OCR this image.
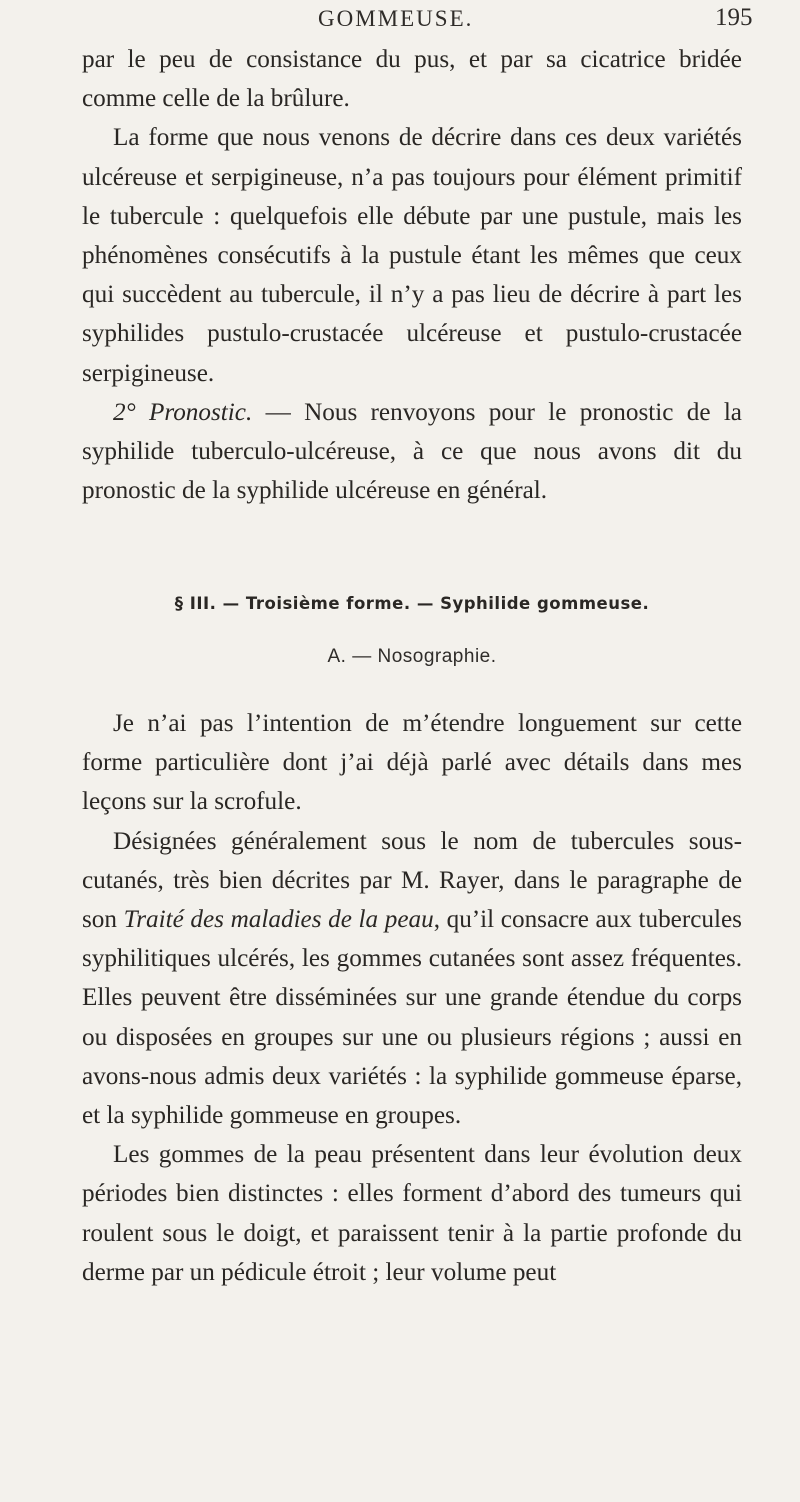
GOMMEUSE.	195

par le peu de consistance du pus, et par sa cicatrice bridée comme celle de la brûlure.

La forme que nous venons de décrire dans ces deux variétés ulcéreuse et serpigineuse, n’a pas toujours pour élément primitif le tubercule : quelquefois elle débute par une pustule, mais les phénomènes consécutifs à la pustule étant les mêmes que ceux qui succèdent au tubercule, il n’y a pas lieu de décrire à part les syphilides pustulo-crustacée ulcéreuse et pustulo-crustacée serpigineuse.

2° Pronostic. — Nous renvoyons pour le pronostic de la syphilide tuberculo-ulcéreuse, à ce que nous avons dit du pronostic de la syphilide ulcéreuse en général.

§ III. — Troisième forme. — Syphilide gommeuse.
A. — Nosographie.

Je n’ai pas l’intention de m’étendre longuement sur cette forme particulière dont j’ai déjà parlé avec détails dans mes leçons sur la scrofule.

Désignées généralement sous le nom de tubercules sous-cutanés, très bien décrites par M. Rayer, dans le paragraphe de son Traité des maladies de la peau, qu’il consacre aux tubercules syphilitiques ulcérés, les gommes cutanées sont assez fréquentes. Elles peuvent être disséminées sur une grande étendue du corps ou disposées en groupes sur une ou plusieurs régions ; aussi en avons-nous admis deux variétés : la syphilide gommeuse éparse, et la syphilide gommeuse en groupes.

Les gommes de la peau présentent dans leur évolution deux périodes bien distinctes : elles forment d’abord des tumeurs qui roulent sous le doigt, et paraissent tenir à la partie profonde du derme par un pédicule étroit ; leur volume peut
